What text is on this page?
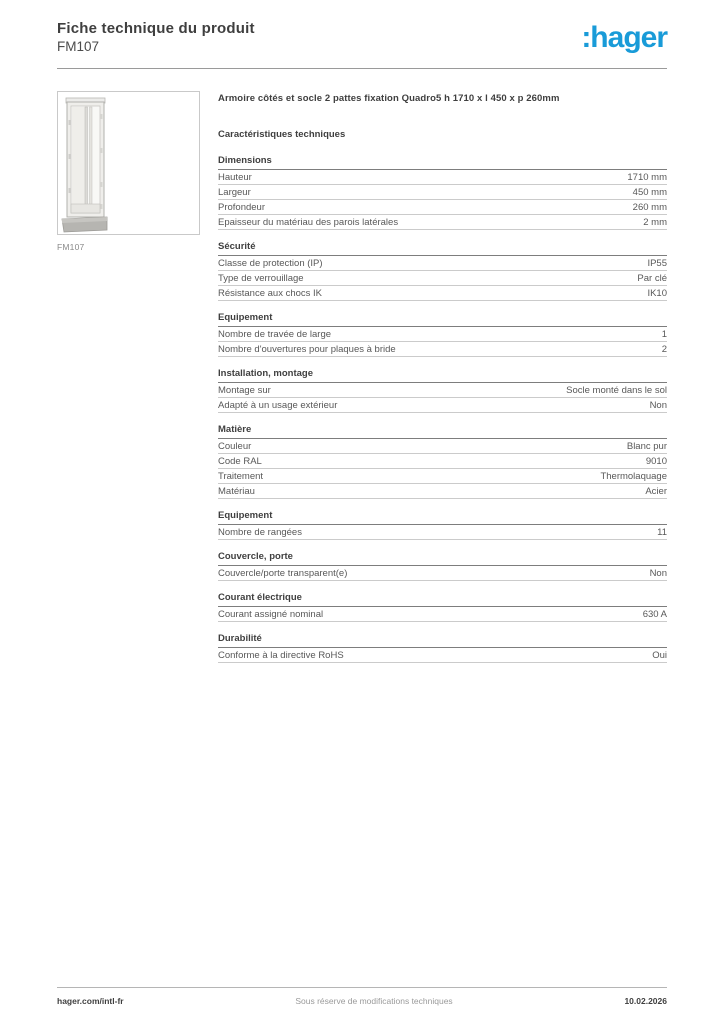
Fiche technique du produit
FM107	:hager
FM107
Armoire côtés et socle 2 pattes fixation Quadro5 h 1710 x l 450 x p 260mm
Caractéristiques techniques
Dimensions
Hauteur	1710 mm
Largeur	450 mm
Profondeur	260 mm
Epaisseur du matériau des parois latérales	2 mm
Sécurité
Classe de protection (IP)	IP55
Type de verrouillage	Par clé
Résistance aux chocs IK	IK10
Equipement
Nombre de travée de large	1
Nombre d'ouvertures pour plaques à bride	2
Installation, montage
Montage sur	Socle monté dans le sol
Adapté à un usage extérieur	Non
Matière
Couleur	Blanc pur
Code RAL	9010
Traitement	Thermolaquage
Matériau	Acier
Equipement
Nombre de rangées	11
Couvercle, porte
Couvercle/porte transparent(e)	Non
Courant électrique
Courant assigné nominal	630 A
Durabilité
Conforme à la directive RoHS	Oui
hager.com/intl-fr	Sous réserve de modifications techniques	10.02.2026
